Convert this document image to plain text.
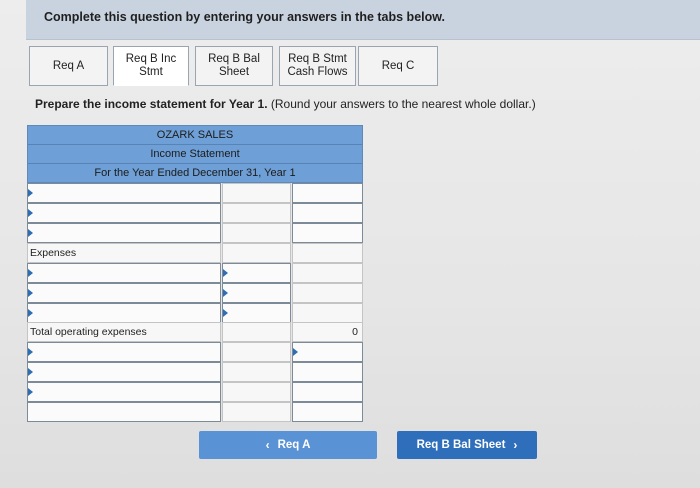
Complete this question by entering your answers in the tabs below.
Req A
Req B Inc
Stmt
Req B Bal
Sheet
Req B Stmt
Cash Flows
Req C
Prepare the income statement for Year 1. (Round your answers to the nearest whole dollar.)
OZARK SALES
Income Statement
For the Year Ended December 31, Year 1
Expenses
Total operating expenses	0
‹ Req A	Req B Bal Sheet ›
